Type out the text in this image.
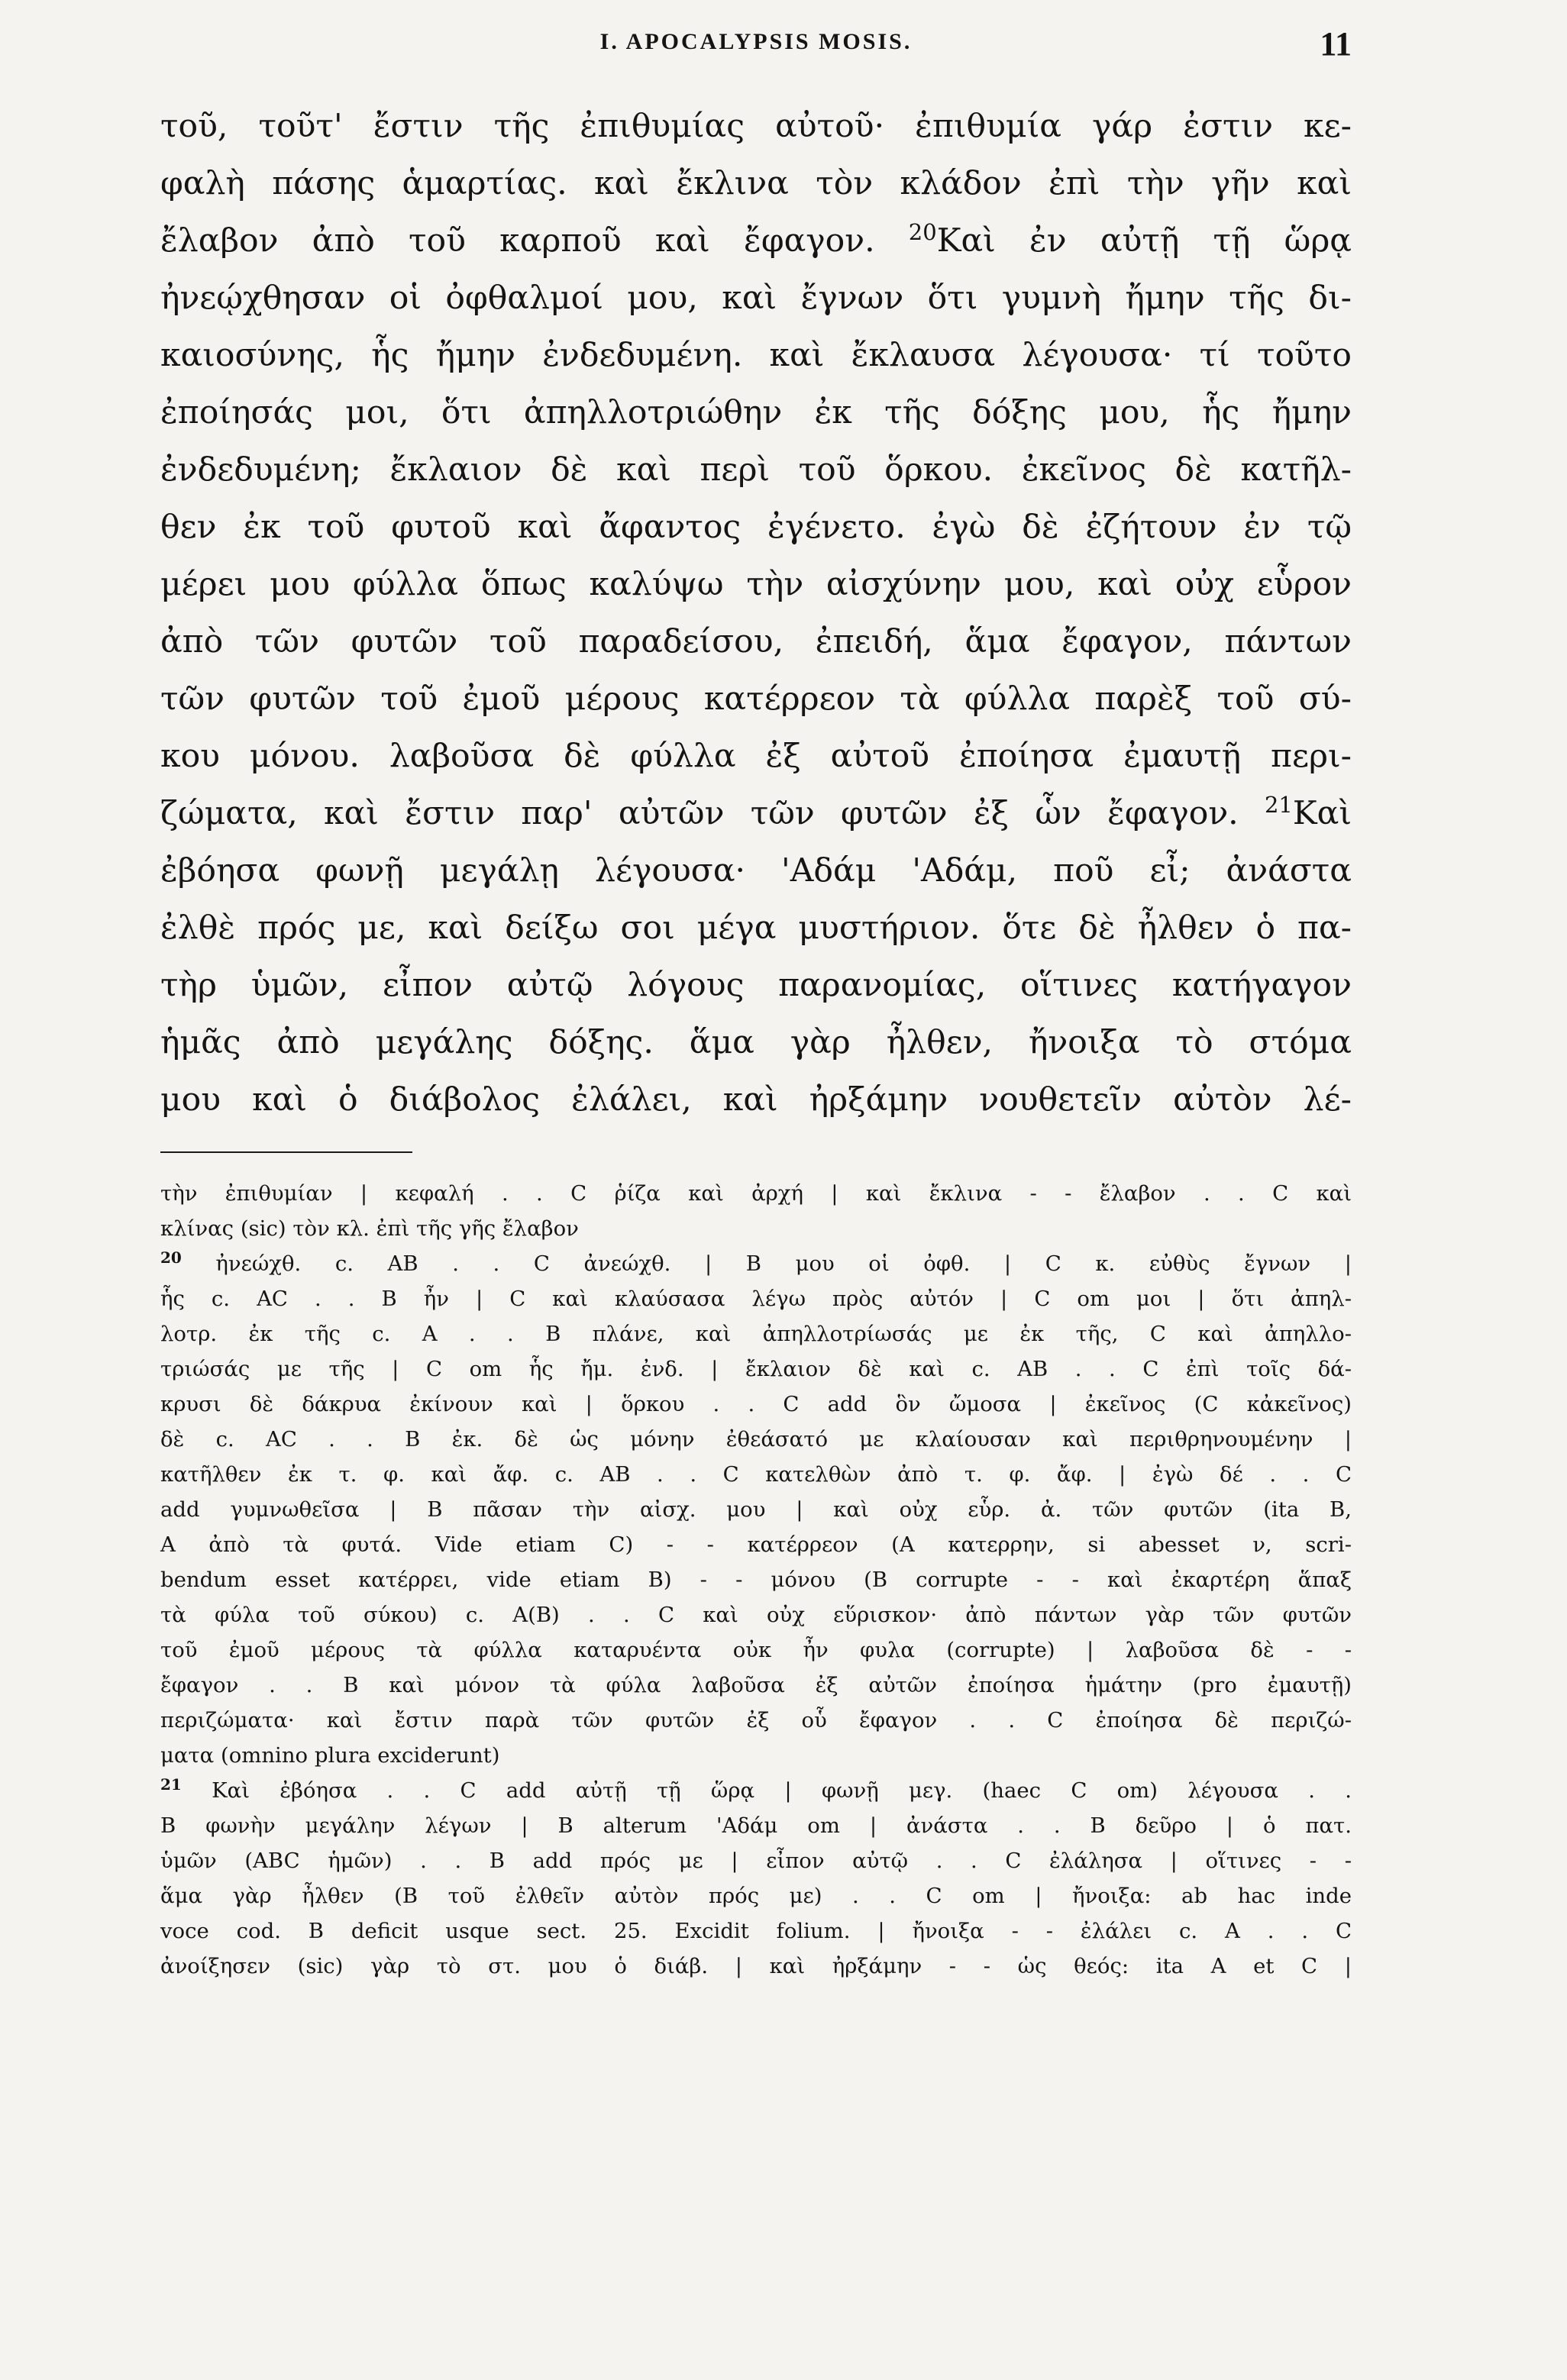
I. APOCALYPSIS MOSIS.	11
τοῦ, τοῦτ' ἔστιν τῆς ἐπιθυμίας αὐτοῦ· ἐπιθυμία γάρ ἐστιν κε-
φαλὴ πάσης ἁμαρτίας. καὶ ἔκλινα τὸν κλάδον ἐπὶ τὴν γῆν καὶ
ἔλαβον ἀπὸ τοῦ καρποῦ καὶ ἔφαγον. $^{20}$Καὶ ἐν αὐτῇ τῇ ὥρᾳ
ἠνεῴχθησαν οἱ ὀφθαλμοί μου, καὶ ἔγνων ὅτι γυμνὴ ἤμην τῆς δι-
καιοσύνης, ἧς ἤμην ἐνδεδυμένη. καὶ ἔκλαυσα λέγουσα· τί τοῦτο
ἐποίησάς μοι, ὅτι ἀπηλλοτριώθην ἐκ τῆς δόξης μου, ἧς ἤμην
ἐνδεδυμένη; ἔκλαιον δὲ καὶ περὶ τοῦ ὅρκου. ἐκεῖνος δὲ κατῆλ-
θεν ἐκ τοῦ φυτοῦ καὶ ἄφαντος ἐγένετο. ἐγὼ δὲ ἐζήτουν ἐν τῷ
μέρει μου φύλλα ὅπως καλύψω τὴν αἰσχύνην μου, καὶ οὐχ εὗρον
ἀπὸ τῶν φυτῶν τοῦ παραδείσου, ἐπειδή, ἅμα ἔφαγον, πάντων
τῶν φυτῶν τοῦ ἐμοῦ μέρους κατέρρεον τὰ φύλλα παρὲξ τοῦ σύ-
κου μόνου. λαβοῦσα δὲ φύλλα ἐξ αὐτοῦ ἐποίησα ἐμαυτῇ περι-
ζώματα, καὶ ἔστιν παρ' αὐτῶν τῶν φυτῶν ἐξ ὧν ἔφαγον. $^{21}$Καὶ
ἐβόησα φωνῇ μεγάλῃ λέγουσα· 'Αδάμ 'Αδάμ, ποῦ εἶ; ἀνάστα
ἐλθὲ πρός με, καὶ δείξω σοι μέγα μυστήριον. ὅτε δὲ ἦλθεν ὁ πα-
τὴρ ὑμῶν, εἶπον αὐτῷ λόγους παρανομίας, οἵτινες κατήγαγον
ἡμᾶς ἀπὸ μεγάλης δόξης. ἅμα γὰρ ἦλθεν, ἤνοιξα τὸ στόμα
μου καὶ ὁ διάβολος ἐλάλει, καὶ ἠρξάμην νουθετεῖν αὐτὸν λέ-
τὴν ἐπιθυμίαν | κεφαλή . . C ῥίζα καὶ ἀρχή | καὶ ἔκλινα - - ἔλαβον . . C καὶ
κλίνας (sic) τὸν κλ. ἐπὶ τῆς γῆς ἔλαβον
$^{20}$ ἠνεώχθ. c. AB . . C ἀνεώχθ. | B μου οἱ ὀφθ. | C κ. εὐθὺς ἔγνων |
ἧς c. AC . . B ἦν | C καὶ κλαύσασα λέγω πρὸς αὐτόν | C om μοι | ὅτι ἀπηλ-
λοτρ. ἐκ τῆς c. A . . B πλάνε, καὶ ἀπηλλοτρίωσάς με ἐκ τῆς, C καὶ ἀπηλλο-
τριώσάς με τῆς | C om ἧς ἤμ. ἐνδ. | ἔκλαιον δὲ καὶ c. AB . . C ἐπὶ τοῖς δά-
κρυσι δὲ δάκρυα ἐκίνουν καὶ | ὅρκου . . C add ὃν ὤμοσα | ἐκεῖνος (C κἀκεῖνος)
δὲ c. AC . . B ἐκ. δὲ ὡς μόνην ἐθεάσατό με κλαίουσαν καὶ περιθρηνουμένην |
κατῆλθεν ἐκ τ. φ. καὶ ἄφ. c. AB . . C κατελθὼν ἀπὸ τ. φ. ἄφ. | ἐγὼ δέ . . C
add γυμνωθεῖσα | B πᾶσαν τὴν αἰσχ. μου | καὶ οὐχ εὗρ. ἀ. τῶν φυτῶν (ita B,
A ἀπὸ τὰ φυτά. Vide etiam C) - - κατέρρεον (A κατερρην, si abesset ν, scri-
bendum esset κατέρρει, vide etiam B) - - μόνου (B corrupte - - καὶ ἐκαρτέρη ἅπαξ
τὰ φύλα τοῦ σύκου) c. A(B) . . C καὶ οὐχ εὕρισκον· ἀπὸ πάντων γὰρ τῶν φυτῶν
τοῦ ἐμοῦ μέρους τὰ φύλλα καταρυέντα οὐκ ἦν φυλα (corrupte) | λαβοῦσα δὲ - -
ἔφαγον . . B καὶ μόνον τὰ φύλα λαβοῦσα ἐξ αὐτῶν ἐποίησα ἡμάτην (pro ἐμαυτῇ)
περιζώματα· καὶ ἔστιν παρὰ τῶν φυτῶν ἐξ οὗ ἔφαγον . . C ἐποίησα δὲ περιζώ-
ματα (omnino plura exciderunt)
$^{21}$ Καὶ ἐβόησα . . C add αὐτῇ τῇ ὥρᾳ | φωνῇ μεγ. (haec C om) λέγουσα . .
B φωνὴν μεγάλην λέγων | B alterum 'Αδάμ om | ἀνάστα . . B δεῦρο | ὁ πατ.
ὑμῶν (ABC ἡμῶν) . . B add πρός με | εἶπον αὐτῷ . . C ἐλάλησα | οἵτινες - -
ἅμα γὰρ ἦλθεν (B τοῦ ἐλθεῖν αὐτὸν πρός με) . . C om | ἤνοιξα: ab hac inde
voce cod. B deficit usque sect. 25. Excidit folium. | ἤνοιξα - - ἐλάλει c. A . . C
ἀνοίξησεν (sic) γὰρ τὸ στ. μου ὁ διάβ. | καὶ ἠρξάμην - - ὡς θεός: ita A et C |
